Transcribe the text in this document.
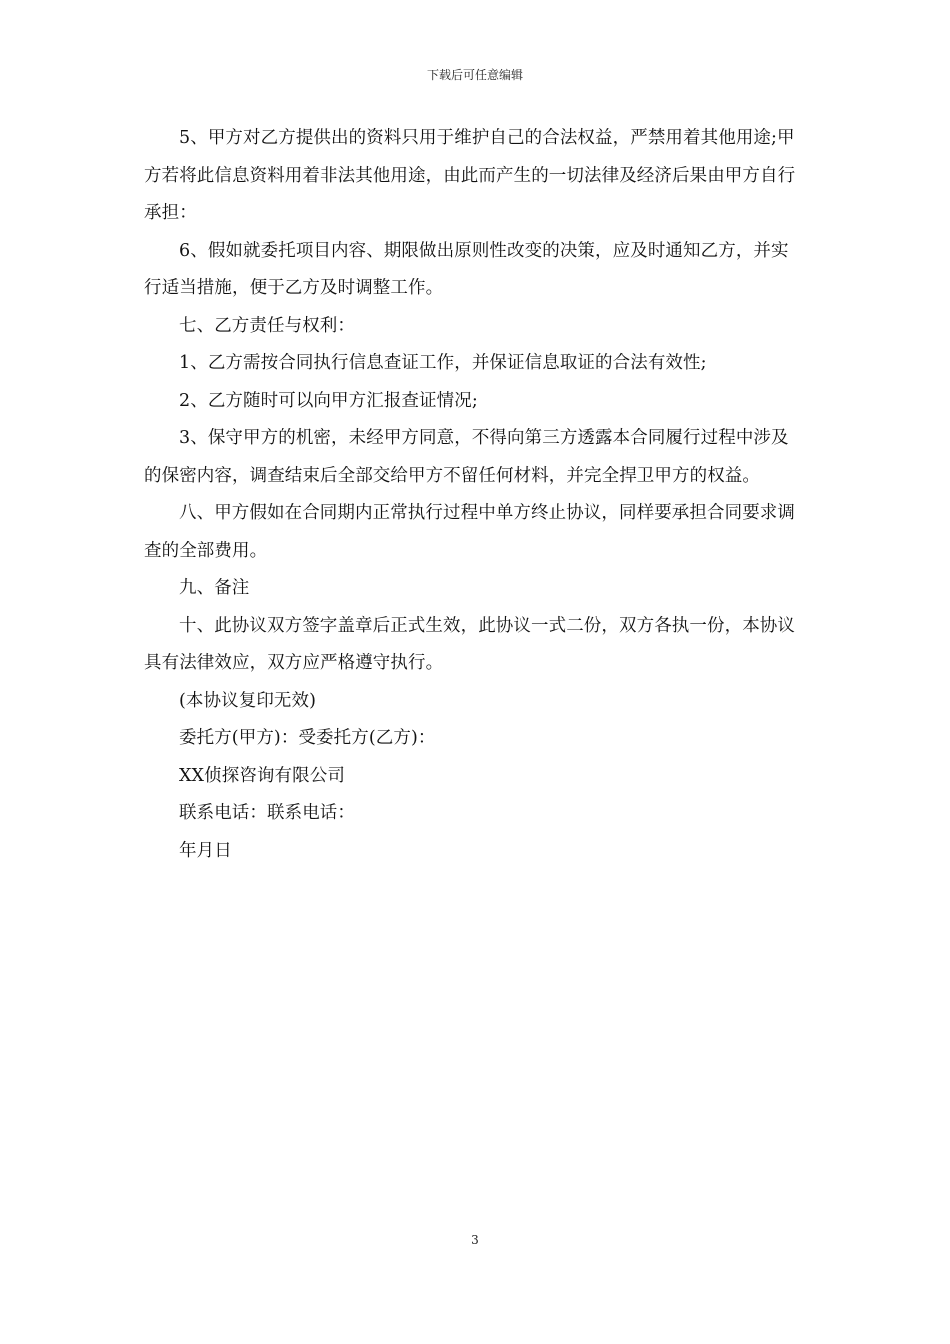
下载后可任意编辑

5、甲方对乙方提供出的资料只用于维护自己的合法权益，严禁用着其他用途;甲方若将此信息资料用着非法其他用途，由此而产生的一切法律及经济后果由甲方自行承担：

6、假如就委托项目内容、期限做出原则性改变的决策，应及时通知乙方，并实行适当措施，便于乙方及时调整工作。

七、乙方责任与权利：

1、乙方需按合同执行信息查证工作，并保证信息取证的合法有效性;

2、乙方随时可以向甲方汇报查证情况;

3、保守甲方的机密，未经甲方同意，不得向第三方透露本合同履行过程中涉及的保密内容，调查结束后全部交给甲方不留任何材料，并完全捍卫甲方的权益。

八、甲方假如在合同期内正常执行过程中单方终止协议，同样要承担合同要求调查的全部费用。

九、备注

十、此协议双方签字盖章后正式生效，此协议一式二份，双方各执一份，本协议具有法律效应，双方应严格遵守执行。

(本协议复印无效)

委托方(甲方)：受委托方(乙方)：

XX侦探咨询有限公司

联系电话：联系电话：

年月日

3
